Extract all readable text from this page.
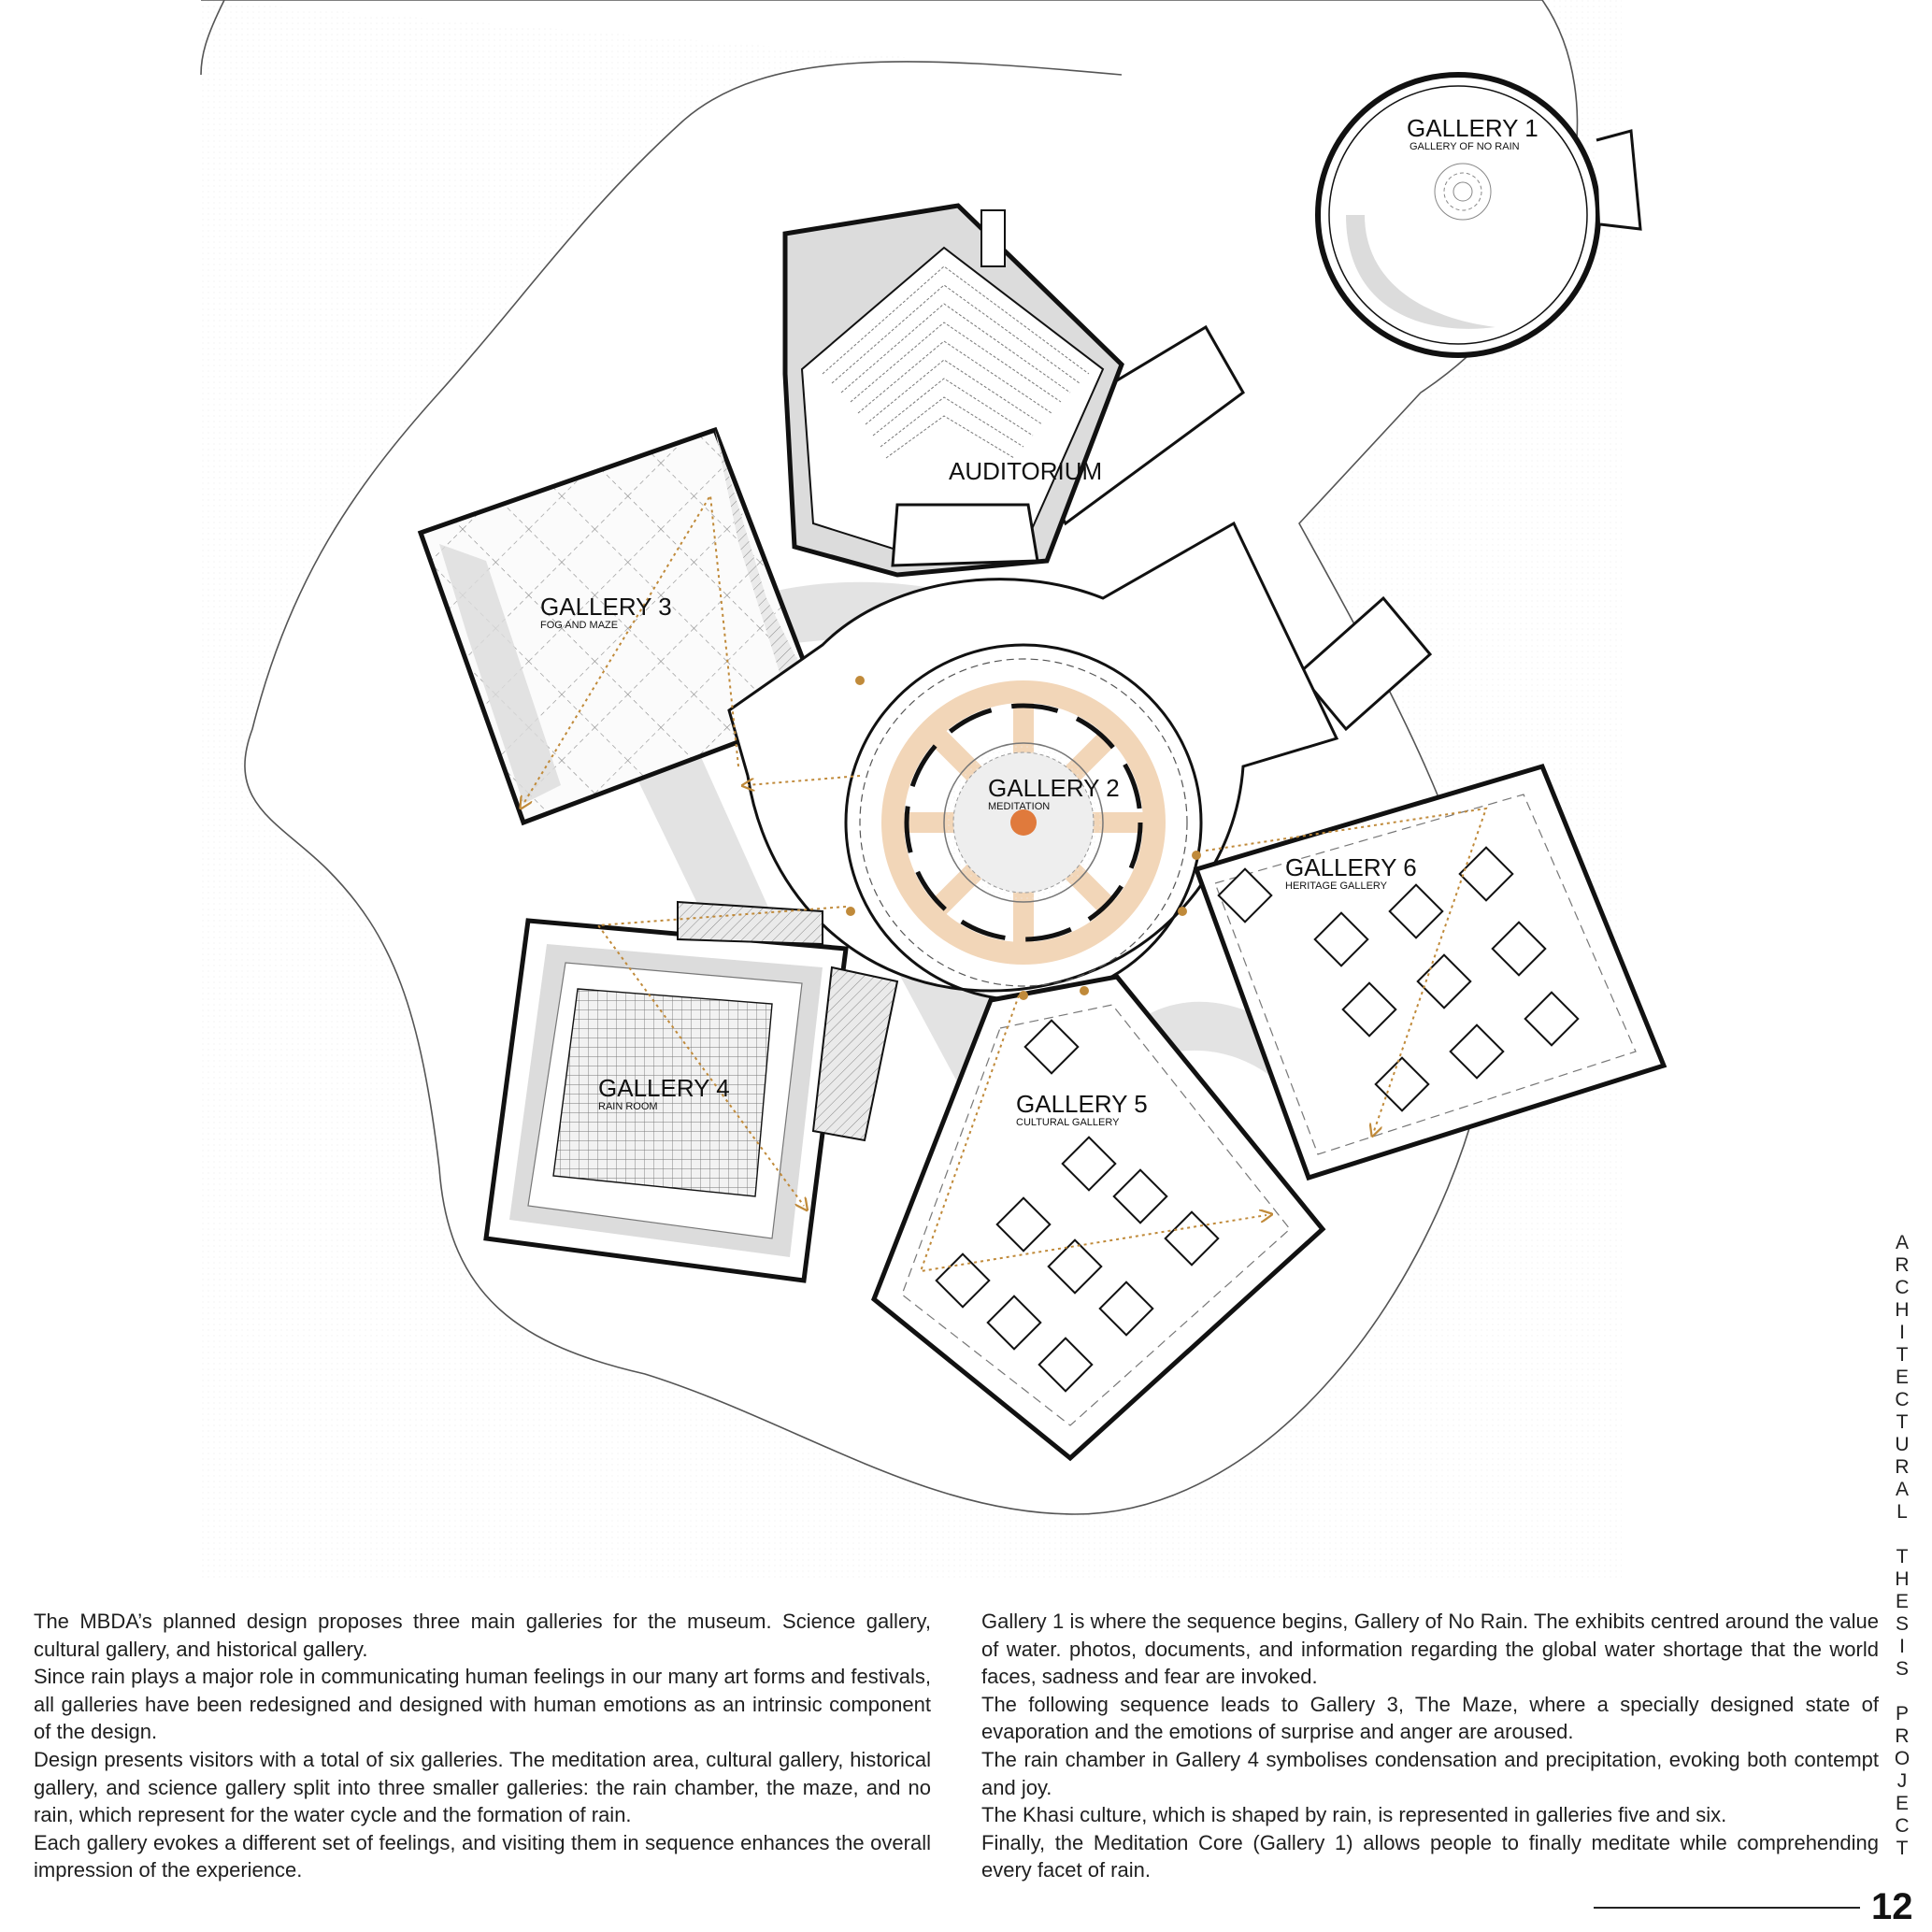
GALLERY 1
GALLERY OF NO RAIN
AUDITORIUM
GALLERY 3
FOG AND MAZE
GALLERY 2
MEDITATION
GALLERY 6
HERITAGE GALLERY
GALLERY 4
RAIN ROOM	GALLERY 5
CULTURAL GALLERY

The MBDA’s planned design proposes three main galleries for the museum. Science gallery, cultural gallery, and historical gallery.

Since rain plays a major role in communicating human feelings in our many art forms and festivals, all galleries have been redesigned and designed with human emotions as an intrinsic component of the design.

Design presents visitors with a total of six galleries. The meditation area, cultural gallery, historical gallery, and science gallery split into three smaller galleries: the rain chamber, the maze, and no rain, which represent for the water cycle and the formation of rain.

Each gallery evokes a different set of feelings, and visiting them in sequence enhances the overall impression of the experience.

Gallery 1 is where the sequence begins, Gallery of No Rain. The exhibits centred around the value of water. photos, documents, and information regarding the global water shortage that the world faces, sadness and fear are invoked.

The following sequence leads to Gallery 3, The Maze, where a specially designed state of evaporation and the emotions of surprise and anger are aroused.

The rain chamber in Gallery 4 symbolises condensation and precipitation, evoking both contempt and joy.

The Khasi culture, which is shaped by rain, is represented in galleries five and six.

Finally, the Meditation Core (Gallery 1) allows people to finally meditate while comprehending every facet of rain.

A
R
C
H
I
T
E
C
T
U
R
A
L

T
H
E
S
I
S

P
R
O
J
E
C
T
12
